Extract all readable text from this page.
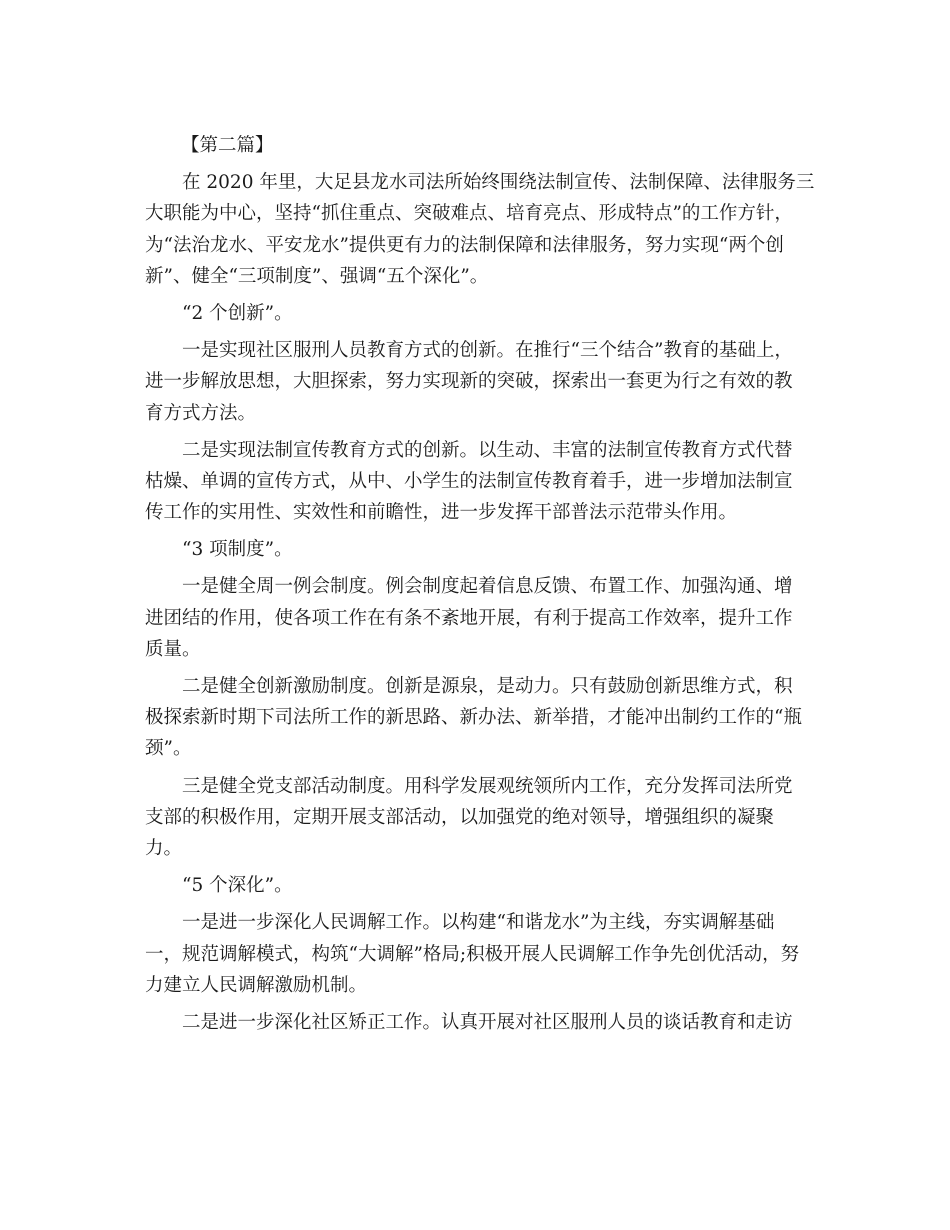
【第二篇】
在 2020 年里，大足县龙水司法所始终围绕法制宣传、法制保障、法律服务三
大职能为中心，坚持“抓住重点、突破难点、培育亮点、形成特点”的工作方针，
为“法治龙水、平安龙水”提供更有力的法制保障和法律服务，努力实现“两个创
新”、健全“三项制度”、强调“五个深化”。
“2 个创新”。
一是实现社区服刑人员教育方式的创新。在推行“三个结合”教育的基础上，
进一步解放思想，大胆探索，努力实现新的突破，探索出一套更为行之有效的教
育方式方法。
二是实现法制宣传教育方式的创新。以生动、丰富的法制宣传教育方式代替
枯燥、单调的宣传方式，从中、小学生的法制宣传教育着手，进一步增加法制宣
传工作的实用性、实效性和前瞻性，进一步发挥干部普法示范带头作用。
“3 项制度”。
一是健全周一例会制度。例会制度起着信息反馈、布置工作、加强沟通、增
进团结的作用，使各项工作在有条不紊地开展，有利于提高工作效率，提升工作
质量。
二是健全创新激励制度。创新是源泉，是动力。只有鼓励创新思维方式，积
极探索新时期下司法所工作的新思路、新办法、新举措，才能冲出制约工作的“瓶
颈”。
三是健全党支部活动制度。用科学发展观统领所内工作，充分发挥司法所党
支部的积极作用，定期开展支部活动，以加强党的绝对领导，增强组织的凝聚
力。
“5 个深化”。
一是进一步深化人民调解工作。以构建“和谐龙水”为主线，夯实调解基础
一，规范调解模式，构筑“大调解”格局;积极开展人民调解工作争先创优活动，努
力建立人民调解激励机制。
二是进一步深化社区矫正工作。认真开展对社区服刑人员的谈话教育和走访
